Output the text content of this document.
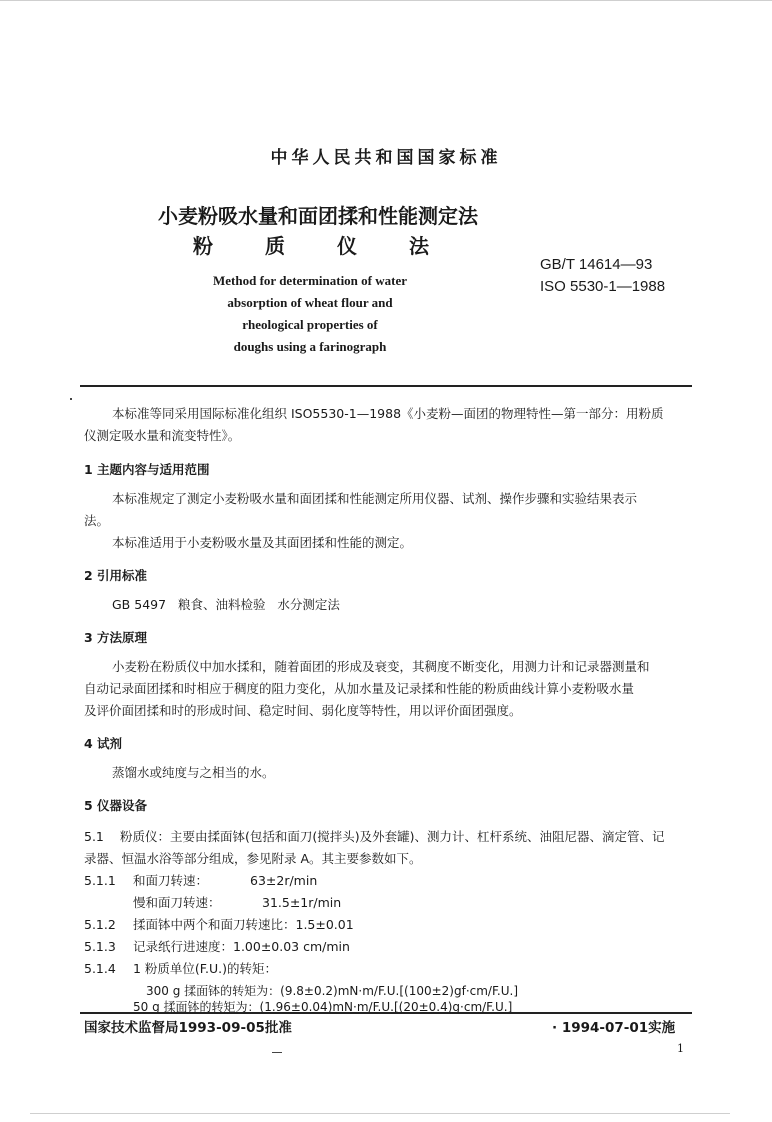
中华人民共和国国家标准
小麦粉吸水量和面团揉和性能测定法
粉质仪法
Method for determination of water
absorption of wheat flour and
rheological properties of
doughs using a farinograph
GB/T 14614—93
ISO 5530-1—1988
本标准等同采用国际标准化组织 ISO5530-1—1988《小麦粉—面团的物理特性—第一部分：用粉质
仪测定吸水量和流变特性》。
1 主题内容与适用范围
本标准规定了测定小麦粉吸水量和面团揉和性能测定所用仪器、试剂、操作步骤和实验结果表示
法。
本标准适用于小麦粉吸水量及其面团揉和性能的测定。
2 引用标准
GB 5497   粮食、油料检验   水分测定法
3 方法原理
小麦粉在粉质仪中加水揉和，随着面团的形成及衰变，其稠度不断变化，用测力计和记录器测量和
自动记录面团揉和时相应于稠度的阻力变化，从加水量及记录揉和性能的粉质曲线计算小麦粉吸水量
及评价面团揉和时的形成时间、稳定时间、弱化度等特性，用以评价面团强度。
4 试剂
蒸馏水或纯度与之相当的水。
5 仪器设备
5.1 粉质仪：主要由揉面钵(包括和面刀(搅拌头)及外套罐)、测力计、杠杆系统、油阻尼器、滴定管、记
录器、恒温水浴等部分组成，参见附录 A。其主要参数如下。
5.1.1 和面刀转速：	63±2r/min
慢和面刀转速：	31.5±1r/min
5.1.2 揉面钵中两个和面刀转速比：1.5±0.01
5.1.3 记录纸行进速度：1.00±0.03 cm/min
5.1.4 1 粉质单位(F.U.)的转矩：
300 g 揉面钵的转矩为：(9.8±0.2)mN·m/F.U.[(100±2)gf·cm/F.U.]
50 g 揉面钵的转矩为：(1.96±0.04)mN·m/F.U.[(20±0.4)g·cm/F.U.]
国家技术监督局1993-09-05批准	· 1994-07-01实施
1
